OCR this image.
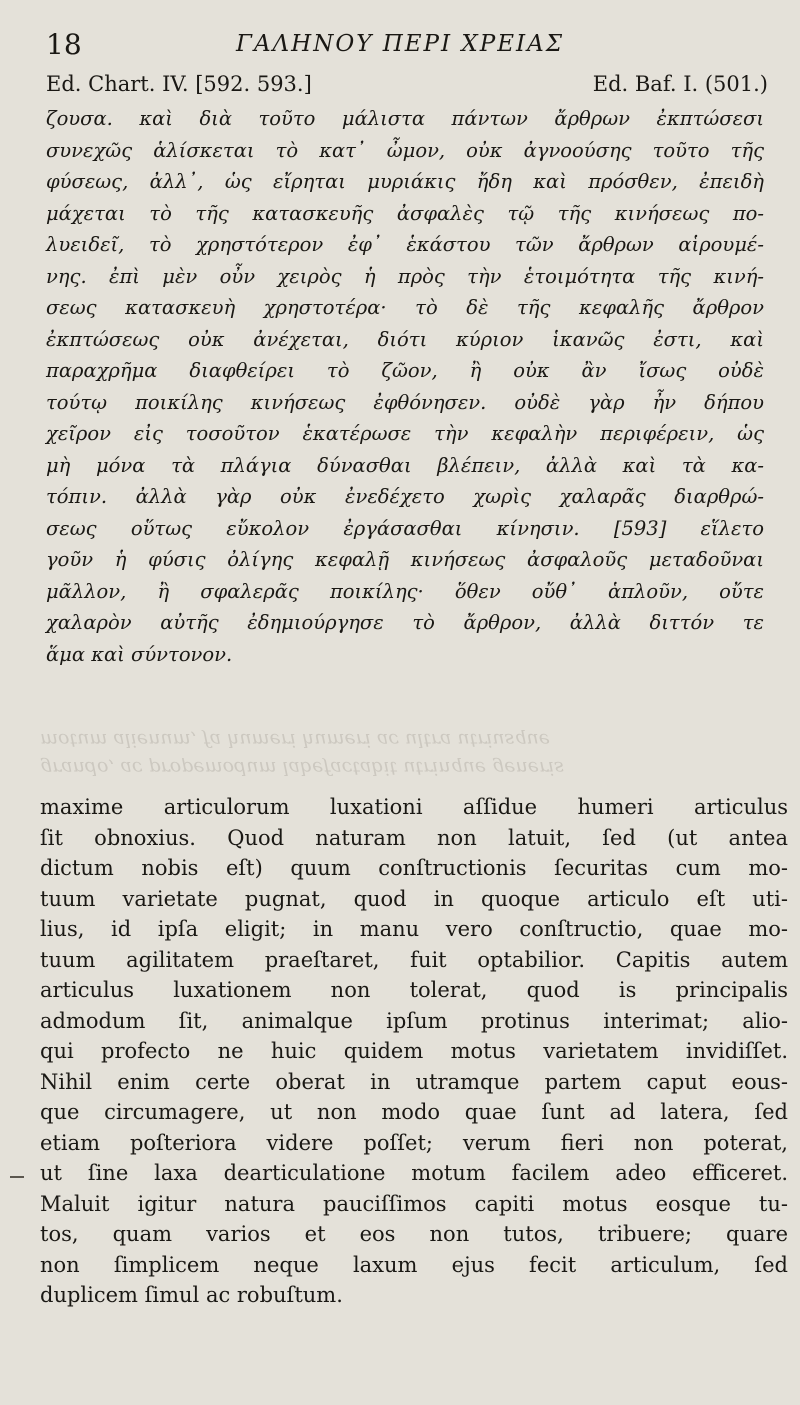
18	ΓΑΛΗΝΟΥ ΠΕΡΙ ΧΡΕΙΑΣ
Ed. Chart. IV. [592. 593.]	Ed. Baf. I. (501.)
ζουσα. καὶ διὰ τοῦτο μάλιστα πάντων ἄρθρων ἐκπτώσεσι
συνεχῶς ἁλίσκεται τὸ κατ᾽ ὦμον, οὐκ ἀγνοούσης τοῦτο τῆς
φύσεως, ἀλλ᾽, ὡς εἴρηται μυριάκις ἤδη καὶ πρόσθεν, ἐπειδὴ
μάχεται τὸ τῆς κατασκευῆς ἀσφαλὲς τῷ τῆς κινήσεως πο-
λυειδεῖ, τὸ χρηστότερον ἐφ᾽ ἑκάστου τῶν ἄρθρων αἱρουμέ-
νης. ἐπὶ μὲν οὖν χειρὸς ἡ πρὸς τὴν ἑτοιμότητα τῆς κινή-
σεως κατασκευὴ χρηστοτέρα· τὸ δὲ τῆς κεφαλῆς ἄρθρον
ἐκπτώσεως οὐκ ἀνέχεται, διότι κύριον ἱκανῶς ἐστι, καὶ
παραχρῆμα διαφθείρει τὸ ζῶον, ἢ οὐκ ἂν ἴσως οὐδὲ
τούτῳ ποικίλης κινήσεως ἐφθόνησεν. οὐδὲ γὰρ ἦν δήπου
χεῖρον εἰς τοσοῦτον ἑκατέρωσε τὴν κεφαλὴν περιφέρειν, ὡς
μὴ μόνα τὰ πλάγια δύνασθαι βλέπειν, ἀλλὰ καὶ τὰ κα-
τόπιν. ἀλλὰ γὰρ οὐκ ἐνεδέχετο χωρὶς χαλαρᾶς διαρθρώ-
σεως οὕτως εὔκολον ἐργάσασθαι κίνησιν. [593] εἵλετο
γοῦν ἡ φύσις ὀλίγης κεφαλῇ κινήσεως ἀσφαλοῦς μεταδοῦναι
μᾶλλον, ἢ σφαλερᾶς ποικίλης· ὅθεν οὔθ᾽ ἁπλοῦν, οὔτε
χαλαρὸν αὐτῆς ἐδημιούργησε τὸ ἄρθρον, ἀλλὰ διττόν τε
ἅμα καὶ σύντονον.
grando, ac propemodum labefactabit utrinque generis
motum alienum, fa humeri humeri ac ultra utriusque
maxime articulorum luxationi aſſidue humeri articulus
ſit obnoxius. Quod naturam non latuit, ſed (ut antea
dictum nobis eſt) quum conſtructionis ſecuritas cum mo-
tuum varietate pugnat, quod in quoque articulo eſt uti-
lius, id ipſa eligit; in manu vero conſtructio, quae mo-
tuum agilitatem praeſtaret, fuit optabilior. Capitis autem
articulus luxationem non tolerat, quod is principalis
admodum ſit, animalque ipſum protinus interimat; alio-
qui profecto ne huic quidem motus varietatem invidiſſet.
Nihil enim certe oberat in utramque partem caput eous-
que circumagere, ut non modo quae ſunt ad latera, ſed
etiam poſteriora videre poſſet; verum fieri non poterat,
ut ſine laxa dearticulatione motum facilem adeo efficeret.
Maluit igitur natura pauciſſimos capiti motus eosque tu-
tos, quam varios et eos non tutos, tribuere; quare
non ſimplicem neque laxum ejus fecit articulum, ſed
duplicem ſimul ac robuſtum.
